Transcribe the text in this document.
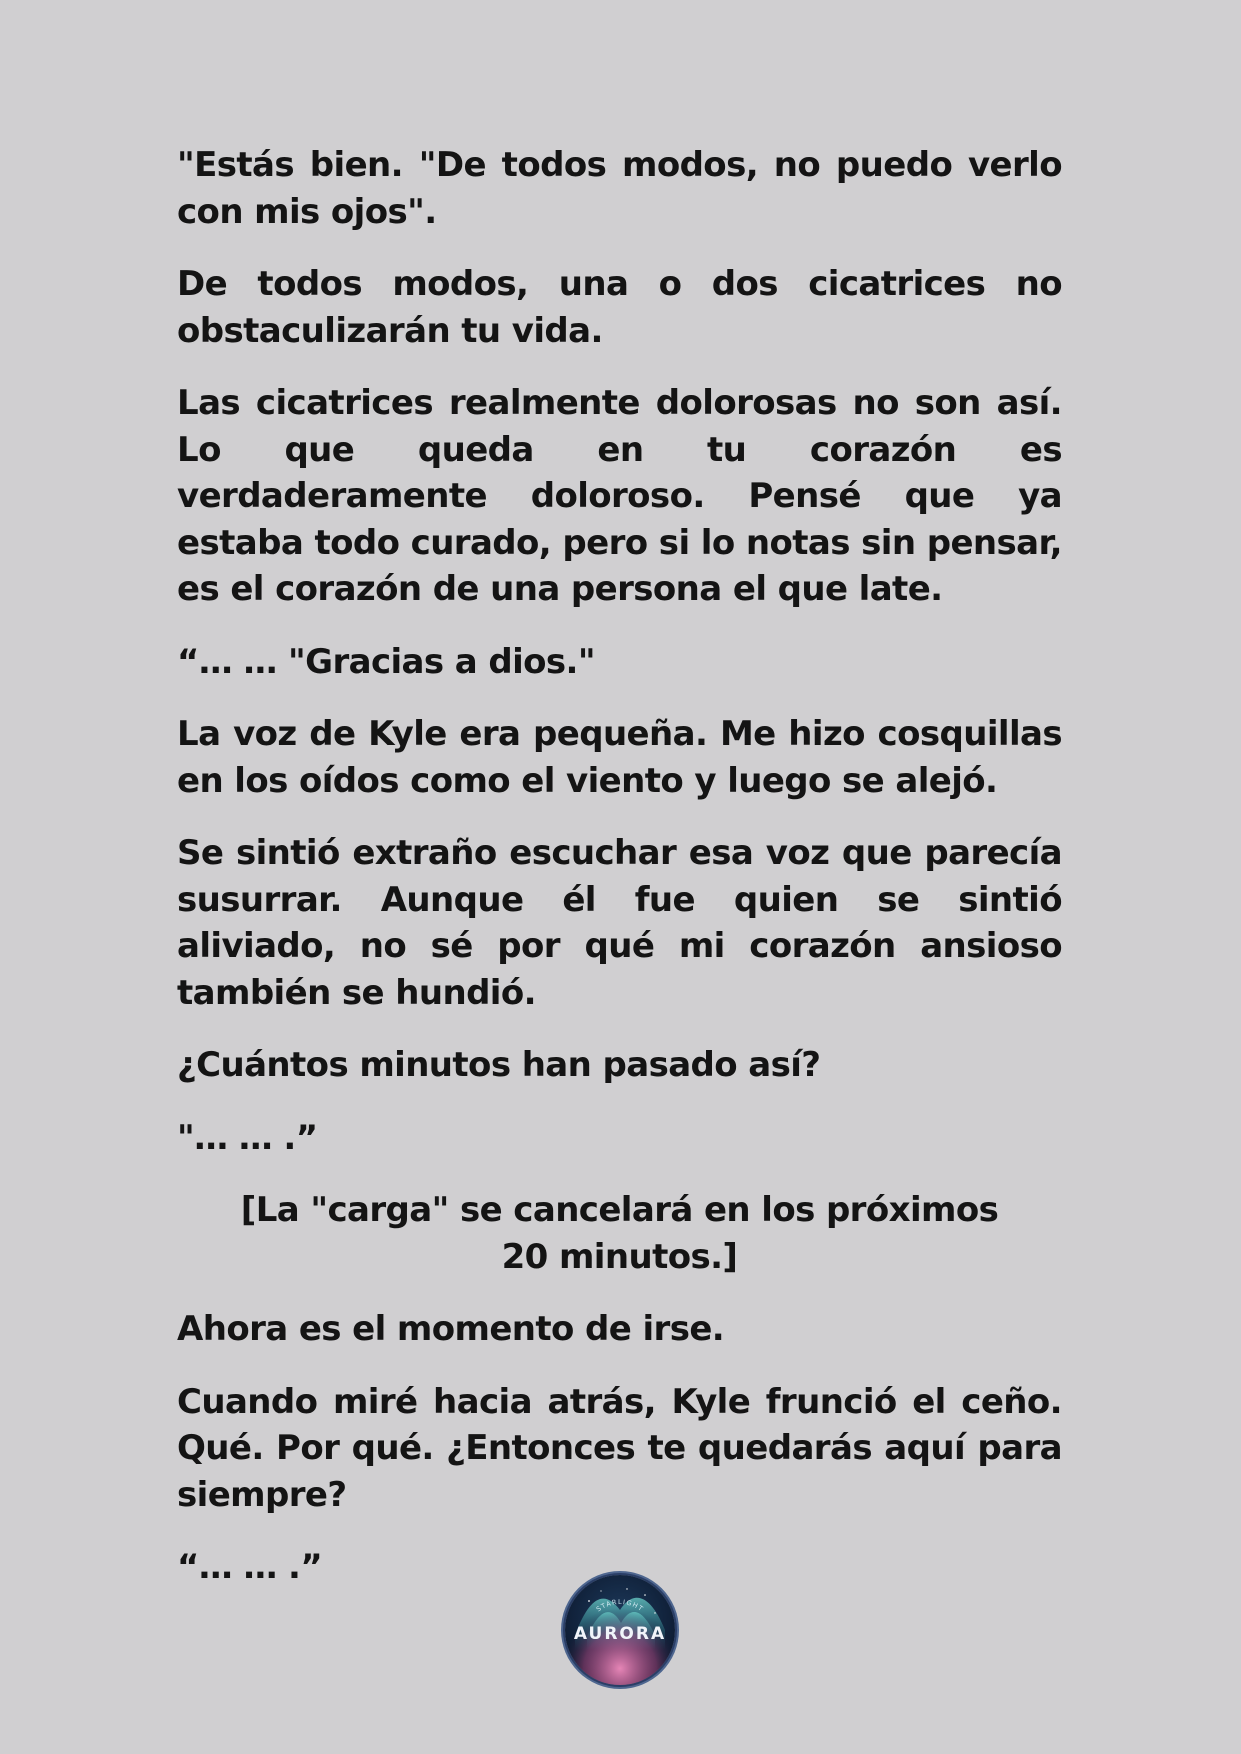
"Estás bien. "De todos modos, no puedo verlo con mis ojos".

De todos modos, una o dos cicatrices no obstaculizarán tu vida.

Las cicatrices realmente dolorosas no son así. Lo que queda en tu corazón es verdaderamente doloroso. Pensé que ya estaba todo curado, pero si lo notas sin pensar, es el corazón de una persona el que late.

“… … "Gracias a dios."

La voz de Kyle era pequeña. Me hizo cosquillas en los oídos como el viento y luego se alejó.

Se sintió extraño escuchar esa voz que parecía susurrar. Aunque él fue quien se sintió aliviado, no sé por qué mi corazón ansioso también se hundió.

¿Cuántos minutos han pasado así?

"… … .”

[La "carga" se cancelará en los próximos 20 minutos.]

Ahora es el momento de irse.

Cuando miré hacia atrás, Kyle frunció el ceño. Qué. Por qué. ¿Entonces te quedarás aquí para siempre?

“… … .”

STARLIGHT
AURORA
